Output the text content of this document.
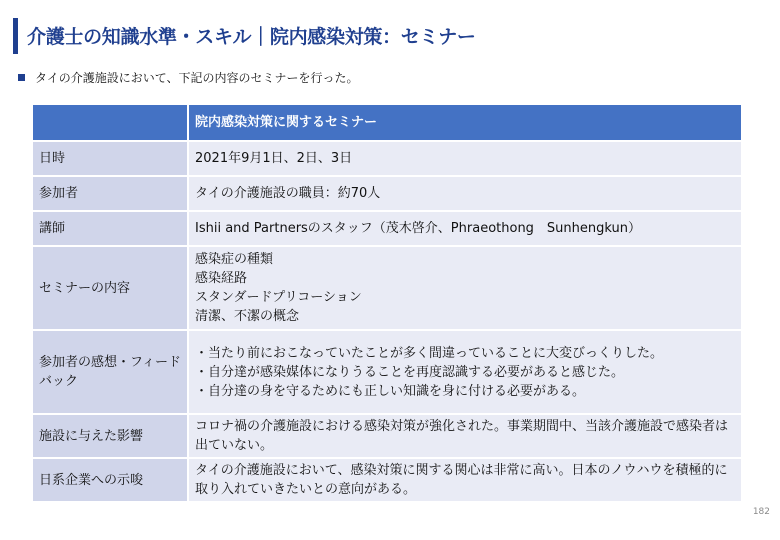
介護士の知識水準・スキル｜院内感染対策：セミナー
タイの介護施設において、下記の内容のセミナーを行った。
	院内感染対策に関するセミナー
日時	2021年9月1日、2日、3日

参加者	タイの介護施設の職員：約70人

講師	Ishii and Partnersのスタッフ（茂木啓介、Phraeothong　Sunhengkun）

セミナーの内容	感染症の種類
感染経路
スタンダードプリコーション
清潔、不潔の概念

参加者の感想・フィードバック	・当たり前におこなっていたことが多く間違っていることに大変びっくりした。
・自分達が感染媒体になりうることを再度認識する必要があると感じた。
・自分達の身を守るためにも正しい知識を身に付ける必要がある。

施設に与えた影響	コロナ禍の介護施設における感染対策が強化された。事業期間中、当該介護施設で感染者は出ていない。

日系企業への示唆	タイの介護施設において、感染対策に関する関心は非常に高い。日本のノウハウを積極的に取り入れていきたいとの意向がある。
182
